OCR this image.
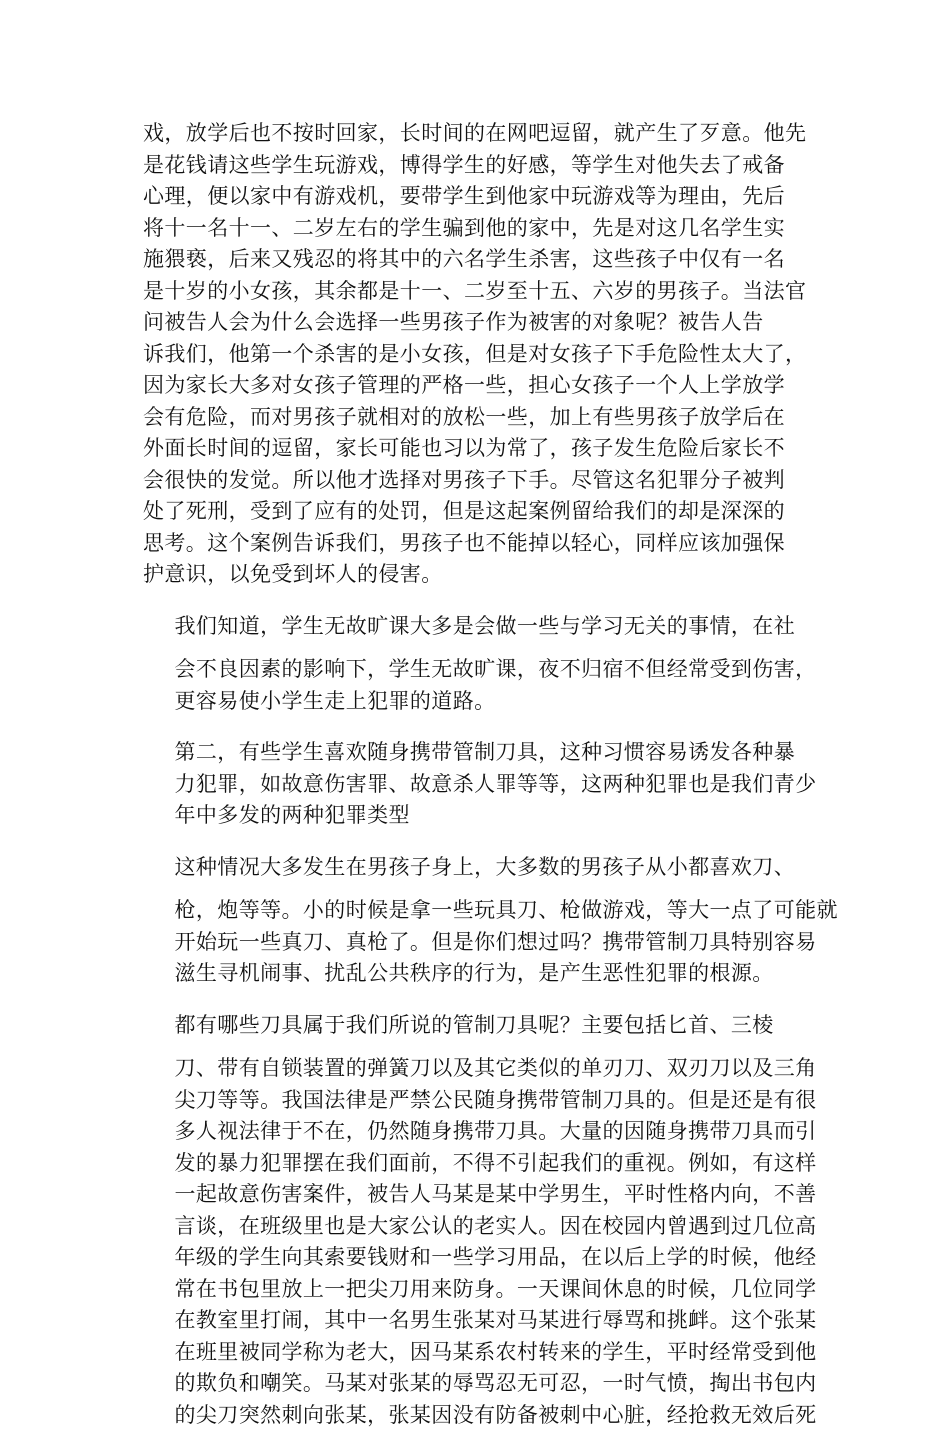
戏，放学后也不按时回家，长时间的在网吧逗留，就产生了歹意。他先
是花钱请这些学生玩游戏，博得学生的好感，等学生对他失去了戒备
心理，便以家中有游戏机，要带学生到他家中玩游戏等为理由，先后
将十一名十一、二岁左右的学生骗到他的家中，先是对这几名学生实
施猥亵，后来又残忍的将其中的六名学生杀害，这些孩子中仅有一名
是十岁的小女孩，其余都是十一、二岁至十五、六岁的男孩子。当法官
问被告人会为什么会选择一些男孩子作为被害的对象呢？被告人告
诉我们，他第一个杀害的是小女孩，但是对女孩子下手危险性太大了，
因为家长大多对女孩子管理的严格一些，担心女孩子一个人上学放学
会有危险，而对男孩子就相对的放松一些，加上有些男孩子放学后在
外面长时间的逗留，家长可能也习以为常了，孩子发生危险后家长不
会很快的发觉。所以他才选择对男孩子下手。尽管这名犯罪分子被判
处了死刑，受到了应有的处罚，但是这起案例留给我们的却是深深的
思考。这个案例告诉我们，男孩子也不能掉以轻心，同样应该加强保
护意识，以免受到坏人的侵害。

我们知道，学生无故旷课大多是会做一些与学习无关的事情，在社
会不良因素的影响下，学生无故旷课，夜不归宿不但经常受到伤害，
更容易使小学生走上犯罪的道路。

第二，有些学生喜欢随身携带管制刀具，这种习惯容易诱发各种暴
力犯罪，如故意伤害罪、故意杀人罪等等，这两种犯罪也是我们青少
年中多发的两种犯罪类型

这种情况大多发生在男孩子身上，大多数的男孩子从小都喜欢刀、
枪，炮等等。小的时候是拿一些玩具刀、枪做游戏，等大一点了可能就
开始玩一些真刀、真枪了。但是你们想过吗？携带管制刀具特别容易
滋生寻机闹事、扰乱公共秩序的行为，是产生恶性犯罪的根源。

都有哪些刀具属于我们所说的管制刀具呢？主要包括匕首、三棱
刀、带有自锁装置的弹簧刀以及其它类似的单刃刀、双刃刀以及三角
尖刀等等。我国法律是严禁公民随身携带管制刀具的。但是还是有很
多人视法律于不在，仍然随身携带刀具。大量的因随身携带刀具而引
发的暴力犯罪摆在我们面前，不得不引起我们的重视。例如，有这样
一起故意伤害案件，被告人马某是某中学男生，平时性格内向，不善
言谈，在班级里也是大家公认的老实人。因在校园内曾遇到过几位高
年级的学生向其索要钱财和一些学习用品，在以后上学的时候，他经
常在书包里放上一把尖刀用来防身。一天课间休息的时候，几位同学
在教室里打闹，其中一名男生张某对马某进行辱骂和挑衅。这个张某
在班里被同学称为老大，因马某系农村转来的学生，平时经常受到他
的欺负和嘲笑。马某对张某的辱骂忍无可忍，一时气愤，掏出书包内
的尖刀突然刺向张某，张某因没有防备被刺中心脏，经抢救无效后死
